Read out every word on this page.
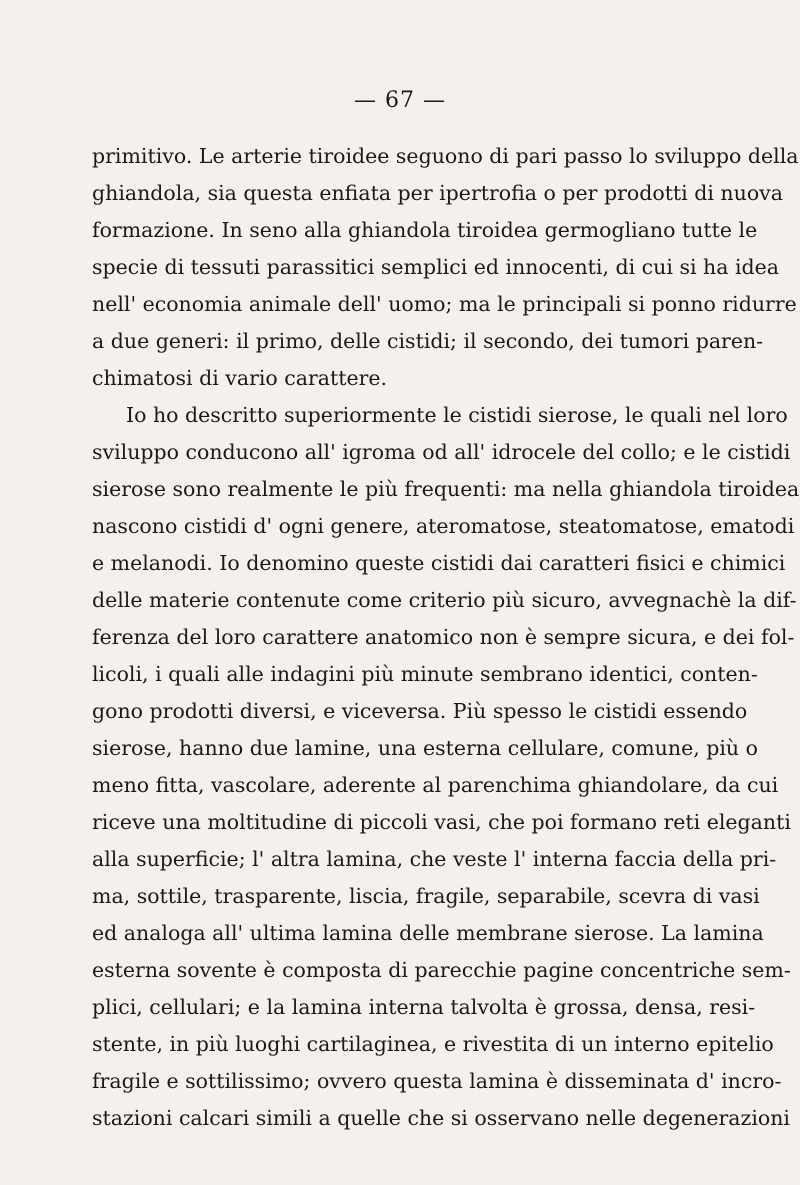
— 67 —
primitivo. Le arterie tiroidee seguono di pari passo lo sviluppo della
ghiandola, sia questa enfiata per ipertrofia o per prodotti di nuova
formazione. In seno alla ghiandola tiroidea germogliano tutte le
specie di tessuti parassitici semplici ed innocenti, di cui si ha idea
nell' economia animale dell' uomo; ma le principali si ponno ridurre
a due generi: il primo, delle cistidi; il secondo, dei tumori paren-
chimatosi di vario carattere.
Io ho descritto superiormente le cistidi sierose, le quali nel loro
sviluppo conducono all' igroma od all' idrocele del collo; e le cistidi
sierose sono realmente le più frequenti: ma nella ghiandola tiroidea
nascono cistidi d' ogni genere, ateromatose, steatomatose, ematodi
e melanodi. Io denomino queste cistidi dai caratteri fisici e chimici
delle materie contenute come criterio più sicuro, avvegnachè la dif-
ferenza del loro carattere anatomico non è sempre sicura, e dei fol-
licoli, i quali alle indagini più minute sembrano identici, conten-
gono prodotti diversi, e viceversa. Più spesso le cistidi essendo
sierose, hanno due lamine, una esterna cellulare, comune, più o
meno fitta, vascolare, aderente al parenchima ghiandolare, da cui
riceve una moltitudine di piccoli vasi, che poi formano reti eleganti
alla superficie; l' altra lamina, che veste l' interna faccia della pri-
ma, sottile, trasparente, liscia, fragile, separabile, scevra di vasi
ed analoga all' ultima lamina delle membrane sierose. La lamina
esterna sovente è composta di parecchie pagine concentriche sem-
plici, cellulari; e la lamina interna talvolta è grossa, densa, resi-
stente, in più luoghi cartilaginea, e rivestita di un interno epitelio
fragile e sottilissimo; ovvero questa lamina è disseminata d' incro-
stazioni calcari simili a quelle che si osservano nelle degenerazioni
